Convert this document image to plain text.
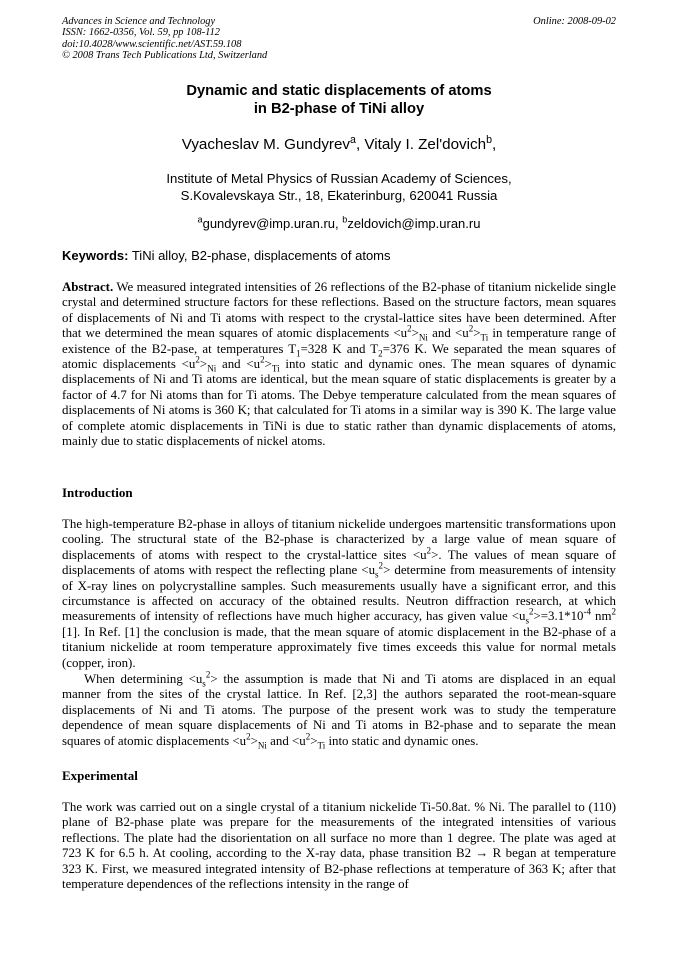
Advances in Science and Technology
ISSN: 1662-0356, Vol. 59, pp 108-112
doi:10.4028/www.scientific.net/AST.59.108
© 2008 Trans Tech Publications Ltd, Switzerland
Online: 2008-09-02
Dynamic and static displacements of atoms
in B2-phase of TiNi alloy
Vyacheslav M. Gundyrev$^a$, Vitaly I. Zel'dovich$^b$,
Institute of Metal Physics of Russian Academy of Sciences,
S.Kovalevskaya Str., 18, Ekaterinburg, 620041 Russia
$^a$gundyrev@imp.uran.ru, $^b$zeldovich@imp.uran.ru
Keywords: TiNi alloy, B2-phase, displacements of atoms
Abstract. We measured integrated intensities of 26 reflections of the B2-phase of titanium nickelide single crystal and determined structure factors for these reflections. Based on the structure factors, mean squares of displacements of Ni and Ti atoms with respect to the crystal-lattice sites have been determined. After that we determined the mean squares of atomic displacements $<u^2>_{Ni}$ and $<u^2>_{Ti}$ in temperature range of existence of the B2-pase, at temperatures $T_1=328$ K and $T_2=376$ K. We separated the mean squares of atomic displacements $<u^2>_{Ni}$ and $<u^2>_{Ti}$ into static and dynamic ones. The mean squares of dynamic displacements of Ni and Ti atoms are identical, but the mean square of static displacements is greater by a factor of 4.7 for Ni atoms than for Ti atoms. The Debye temperature calculated from the mean squares of displacements of Ni atoms is 360 K; that calculated for Ti atoms in a similar way is 390 K. The large value of complete atomic displacements in TiNi is due to static rather than dynamic displacements of atoms, mainly due to static displacements of nickel atoms.
Introduction
The high-temperature B2-phase in alloys of titanium nickelide undergoes martensitic transformations upon cooling. The structural state of the B2-phase is characterized by a large value of mean square of displacements of atoms with respect to the crystal-lattice sites $<u^2>$. The values of mean square of displacements of atoms with respect the reflecting plane $<u_s^2>$ determine from measurements of intensity of X-ray lines on polycrystalline samples. Such measurements usually have a significant error, and this circumstance is affected on accuracy of the obtained results. Neutron diffraction research, at which measurements of intensity of reflections have much higher accuracy, has given value $<u_s^2>=3.1*10^{-4}$ $nm^2$ [1]. In Ref. [1] the conclusion is made, that the mean square of atomic displacement in the B2-phase of a titanium nickelide at room temperature approximately five times exceeds this value for normal metals (copper, iron).
When determining $<u_s^2>$ the assumption is made that Ni and Ti atoms are displaced in an equal manner from the sites of the crystal lattice. In Ref. [2,3] the authors separated the root-mean-square displacements of Ni and Ti atoms. The purpose of the present work was to study the temperature dependence of mean square displacements of Ni and Ti atoms in B2-phase and to separate the mean squares of atomic displacements $<u^2>_{Ni}$ and $<u^2>_{Ti}$ into static and dynamic ones.
Experimental
The work was carried out on a single crystal of a titanium nickelide Ti-50.8at. % Ni. The parallel to (110) plane of B2-phase plate was prepare for the measurements of the integrated intensities of various reflections. The plate had the disorientation on all surface no more than 1 degree. The plate was aged at 723 K for 6.5 h. At cooling, according to the X-ray data, phase transition B2 → R began at temperature 323 K. First, we measured integrated intensity of B2-phase reflections at temperature of 363 K; after that temperature dependences of the reflections intensity in the range of
